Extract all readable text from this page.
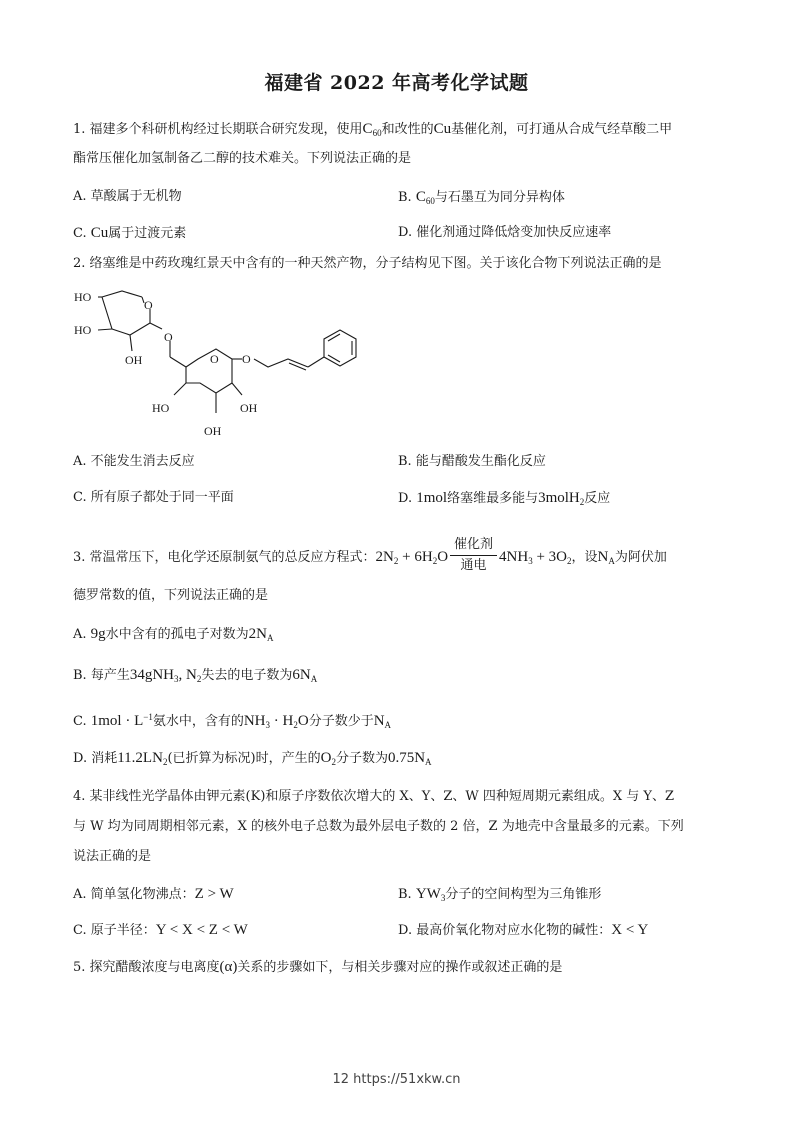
福建省 2022 年高考化学试题
1. 福建多个科研机构经过长期联合研究发现，使用$C_{60}$和改性的Cu基催化剂，可打通从合成气经草酸二甲
酯常压催化加氢制备乙二醇的技术难关。下列说法正确的是
A. 草酸属于无机物	B. $C_{60}$与石墨互为同分异构体
C. Cu属于过渡元素	D. 催化剂通过降低焓变加快反应速率
2. 络塞维是中药玫瑰红景天中含有的一种天然产物，分子结构见下图。关于该化合物下列说法正确的是
HO
O
HO
OH
O
O O
HO	OH
OH
A. 不能发生消去反应	B. 能与醋酸发生酯化反应
C. 所有原子都处于同一平面	D. 1mol络塞维最多能与3molH$_2$反应
3. 常温常压下，电化学还原制氨气的总反应方程式：$2N_2 + 6H_2O \frac{\text{催化剂}}{\text{通电}} 4NH_3 + 3O_2$，设$N_A$为阿伏加
德罗常数的值，下列说法正确的是
A. 9g水中含有的孤电子对数为$2N_A$
B. 每产生34gNH$_3$, $N_2$失去的电子数为$6N_A$
C. $1mol \cdot L^{-1}$氨水中，含有的$NH_3 \cdot H_2O$分子数少于$N_A$
D. 消耗$11.2LN_2$(已折算为标况)时，产生的$O_2$分子数为$0.75N_A$
4. 某非线性光学晶体由钾元素(K)和原子序数依次增大的 X、Y、Z、W 四种短周期元素组成。X 与 Y、Z
与 W 均为同周期相邻元素，X 的核外电子总数为最外层电子数的 2 倍，Z 为地壳中含量最多的元素。下列
说法正确的是
A. 简单氢化物沸点：Z > W	B. $YW_3$分子的空间构型为三角锥形
C. 原子半径：Y < X < Z < W	D. 最高价氧化物对应水化物的碱性：X < Y
5. 探究醋酸浓度与电离度(α)关系的步骤如下，与相关步骤对应的操作或叙述正确的是
12 https://51xkw.cn
